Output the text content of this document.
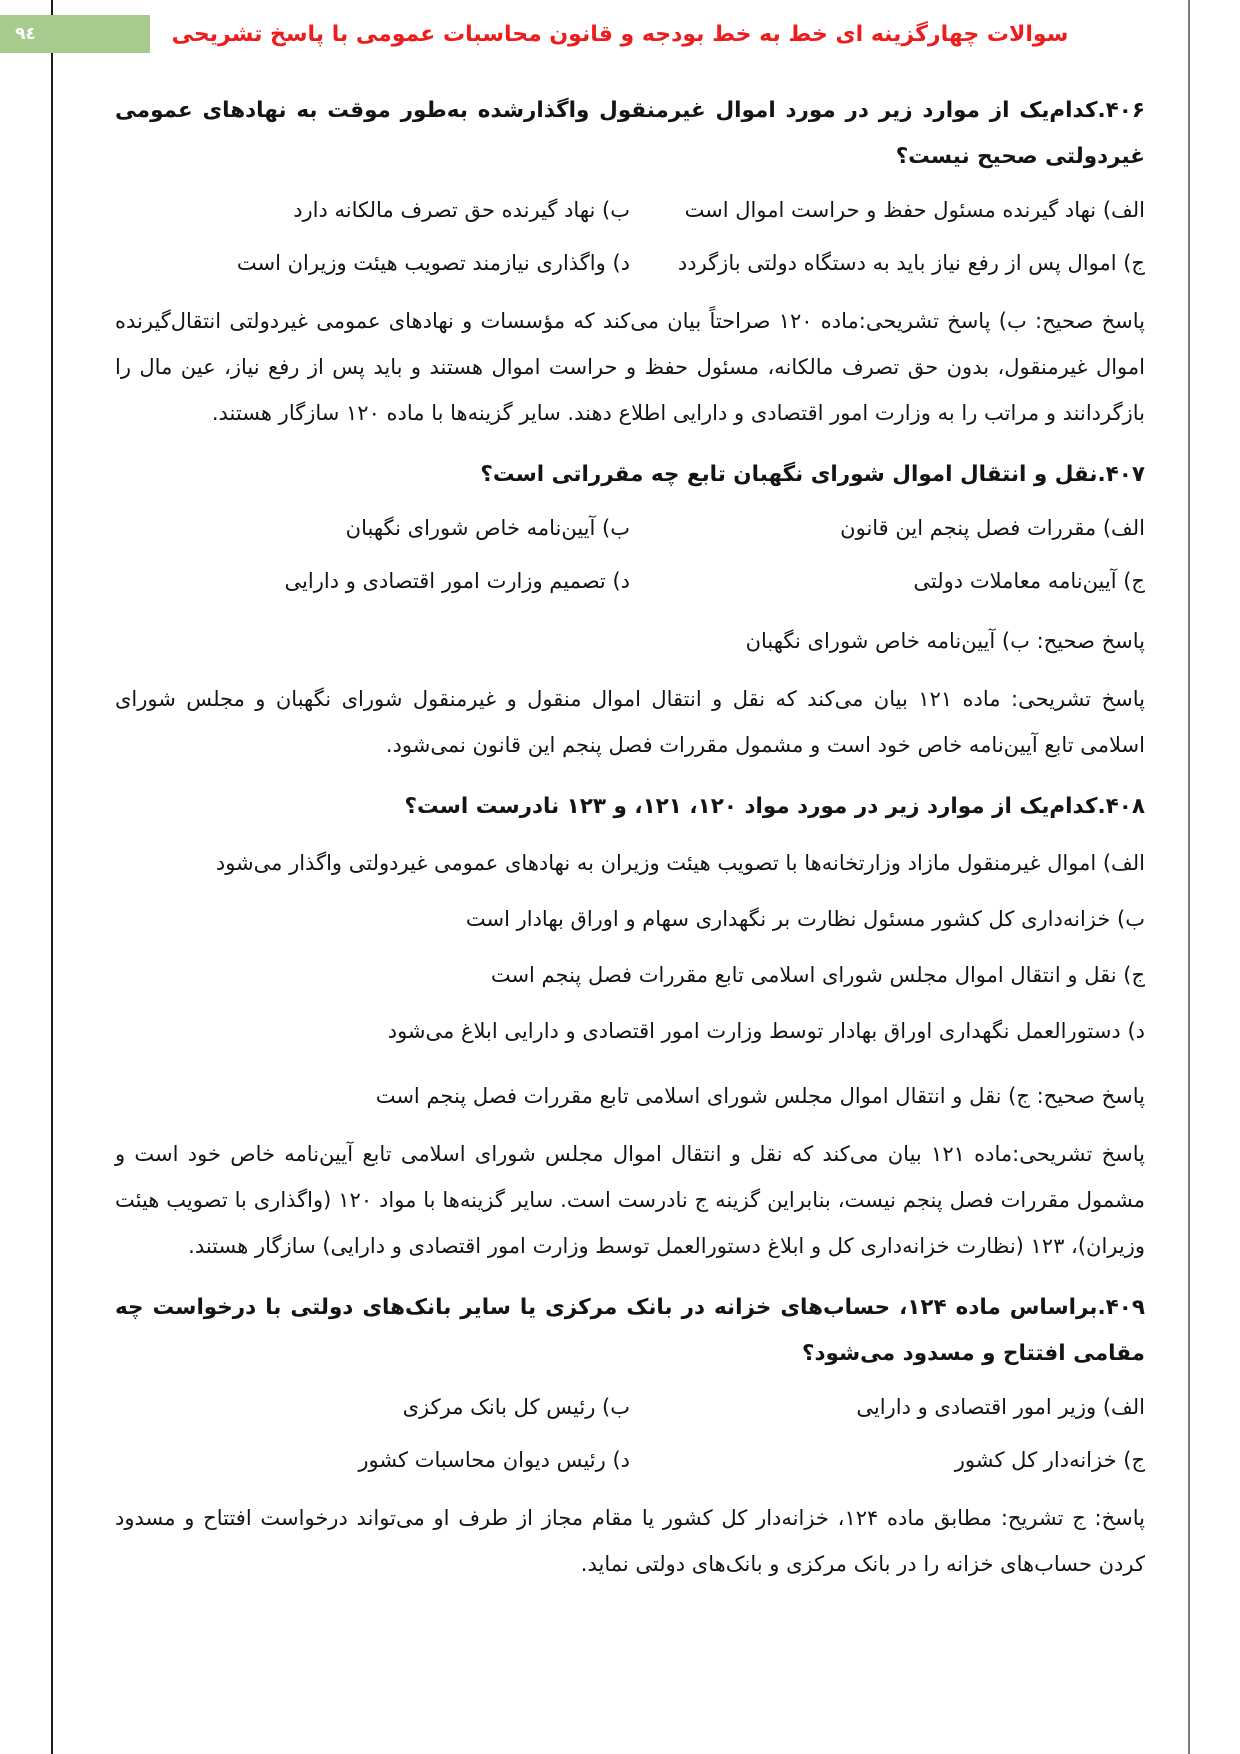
٩٤	سوالات چهارگزینه ای خط به خط بودجه و قانون محاسبات عمومی با پاسخ تشریحی
۴۰۶.کدام‌یک از موارد زیر در مورد اموال غیرمنقول واگذارشده به‌طور موقت به نهادهای عمومی غیردولتی صحیح نیست؟
الف) نهاد گیرنده مسئول حفظ و حراست اموال است
ب) نهاد گیرنده حق تصرف مالکانه دارد
ج) اموال پس از رفع نیاز باید به دستگاه دولتی بازگردد
د) واگذاری نیازمند تصویب هیئت وزیران است
پاسخ صحیح: ب) پاسخ تشریحی:ماده ۱۲۰ صراحتاً بیان می‌کند که مؤسسات و نهادهای عمومی غیردولتی انتقال‌گیرنده اموال غیرمنقول، بدون حق تصرف مالکانه، مسئول حفظ و حراست اموال هستند و باید پس از رفع نیاز، عین مال را بازگردانند و مراتب را به وزارت امور اقتصادی و دارایی اطلاع دهند. سایر گزینه‌ها با ماده ۱۲۰ سازگار هستند.
۴۰۷.نقل و انتقال اموال شورای نگهبان تابع چه مقرراتی است؟
الف) مقررات فصل پنجم این قانون
ب) آیین‌نامه خاص شورای نگهبان
ج) آیین‌نامه معاملات دولتی
د) تصمیم وزارت امور اقتصادی و دارایی
پاسخ صحیح: ب) آیین‌نامه خاص شورای نگهبان
پاسخ تشریحی: ماده ۱۲۱ بیان می‌کند که نقل و انتقال اموال منقول و غیرمنقول شورای نگهبان و مجلس شورای اسلامی تابع آیین‌نامه خاص خود است و مشمول مقررات فصل پنجم این قانون نمی‌شود.
۴۰۸.کدام‌یک از موارد زیر در مورد مواد ۱۲۰، ۱۲۱، و ۱۲۳ نادرست است؟
الف) اموال غیرمنقول مازاد وزارتخانه‌ها با تصویب هیئت وزیران به نهادهای عمومی غیردولتی واگذار می‌شود
ب) خزانه‌داری کل کشور مسئول نظارت بر نگهداری سهام و اوراق بهادار است
ج) نقل و انتقال اموال مجلس شورای اسلامی تابع مقررات فصل پنجم است
د) دستورالعمل نگهداری اوراق بهادار توسط وزارت امور اقتصادی و دارایی ابلاغ می‌شود
پاسخ صحیح: ج) نقل و انتقال اموال مجلس شورای اسلامی تابع مقررات فصل پنجم است
پاسخ تشریحی:ماده ۱۲۱ بیان می‌کند که نقل و انتقال اموال مجلس شورای اسلامی تابع آیین‌نامه خاص خود است و مشمول مقررات فصل پنجم نیست، بنابراین گزینه ج نادرست است. سایر گزینه‌ها با مواد ۱۲۰ (واگذاری با تصویب هیئت وزیران)، ۱۲۳ (نظارت خزانه‌داری کل و ابلاغ دستورالعمل توسط وزارت امور اقتصادی و دارایی) سازگار هستند.
۴۰۹.براساس ماده ۱۲۴، حساب‌های خزانه در بانک مرکزی یا سایر بانک‌های دولتی با درخواست چه مقامی افتتاح و مسدود می‌شود؟
الف) وزیر امور اقتصادی و دارایی
ب) رئیس کل بانک مرکزی
ج) خزانه‌دار کل کشور
د) رئیس دیوان محاسبات کشور
پاسخ: ج تشریح: مطابق ماده ۱۲۴، خزانه‌دار کل کشور یا مقام مجاز از طرف او می‌تواند درخواست افتتاح و مسدود کردن حساب‌های خزانه را در بانک مرکزی و بانک‌های دولتی نماید.
